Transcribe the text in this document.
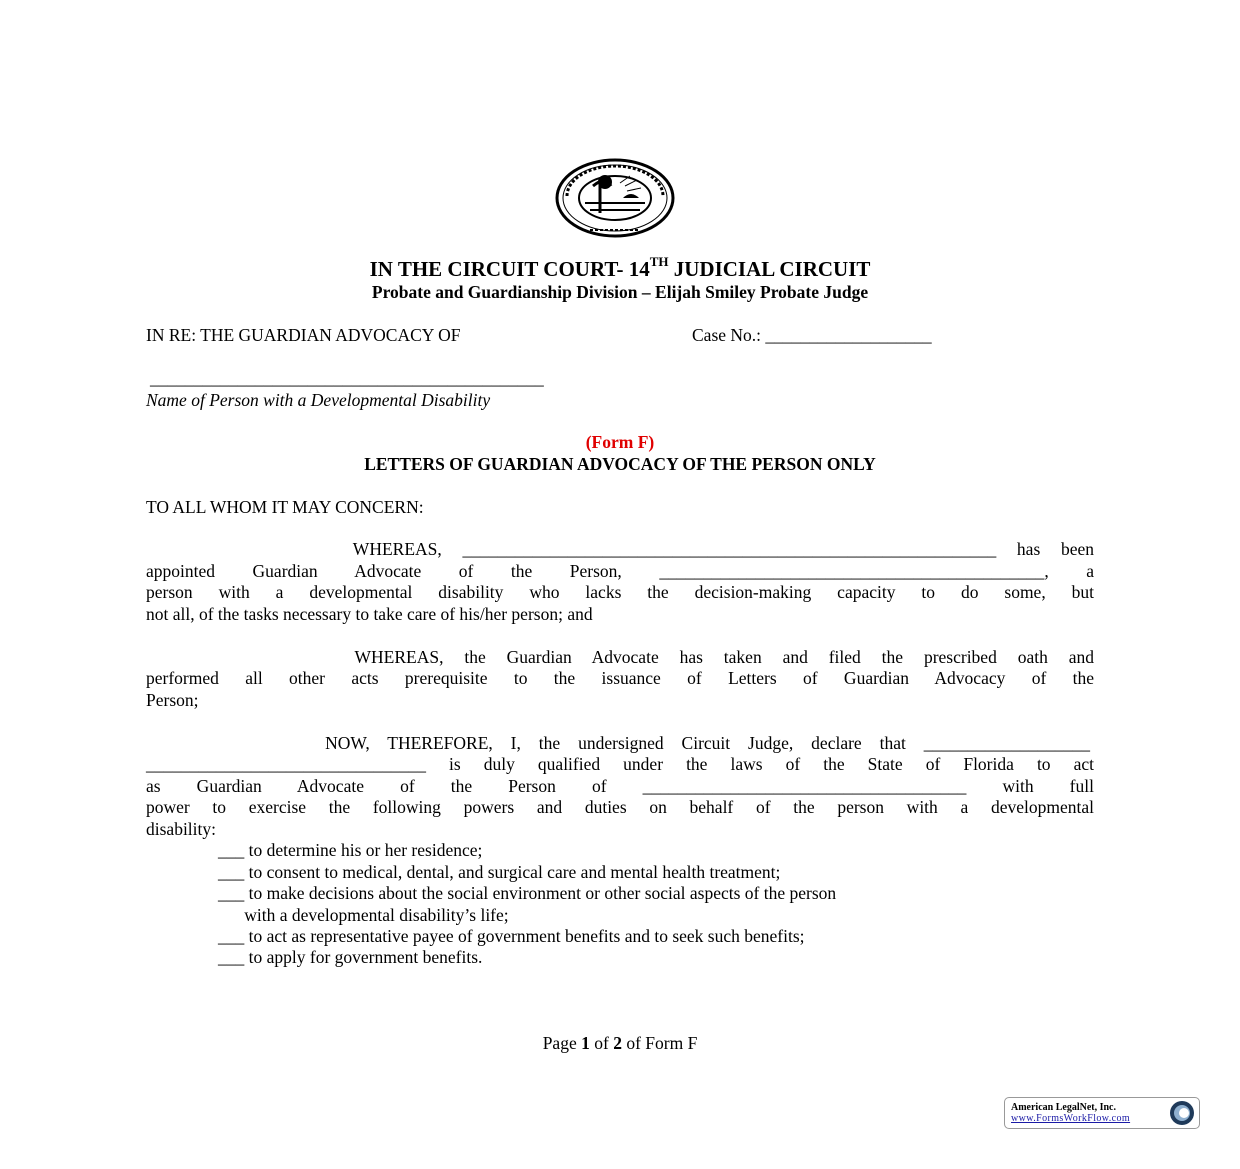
IN THE CIRCUIT COURT- 14TH JUDICIAL CIRCUIT
Probate and Guardianship Division – Elijah Smiley Probate Judge
IN RE: THE GUARDIAN ADVOCACY OF	Case No.: ___________________
_____________________________________________
Name of Person with a Developmental Disability
(Form F)
LETTERS OF GUARDIAN ADVOCACY OF THE PERSON ONLY
TO ALL WHOM IT MAY CONCERN:
WHEREAS, _____________________________________________________________ has been
appointed Guardian Advocate of the Person, ____________________________________________, a
person with a developmental disability who lacks the decision-making capacity to do some, but
not all, of the tasks necessary to take care of his/her person; and
WHEREAS, the Guardian Advocate has taken and filed the prescribed oath and
performed all other acts prerequisite to the issuance of Letters of Guardian Advocacy of the
Person;
NOW, THEREFORE, I, the undersigned Circuit Judge, declare that ___________________
________________________________ is duly qualified under the laws of the State of Florida to act
as Guardian Advocate of the Person of _____________________________________ with full
power to exercise the following powers and duties on behalf of the person with a developmental
disability:
___ to determine his or her residence;
___ to consent to medical, dental, and surgical care and mental health treatment;
___ to make decisions about the social environment or other social aspects of the person
with a developmental disability’s life;
___ to act as representative payee of government benefits and to seek such benefits;
___ to apply for government benefits.
Page 1 of 2 of Form F
American LegalNet, Inc.
www.FormsWorkFlow.com
